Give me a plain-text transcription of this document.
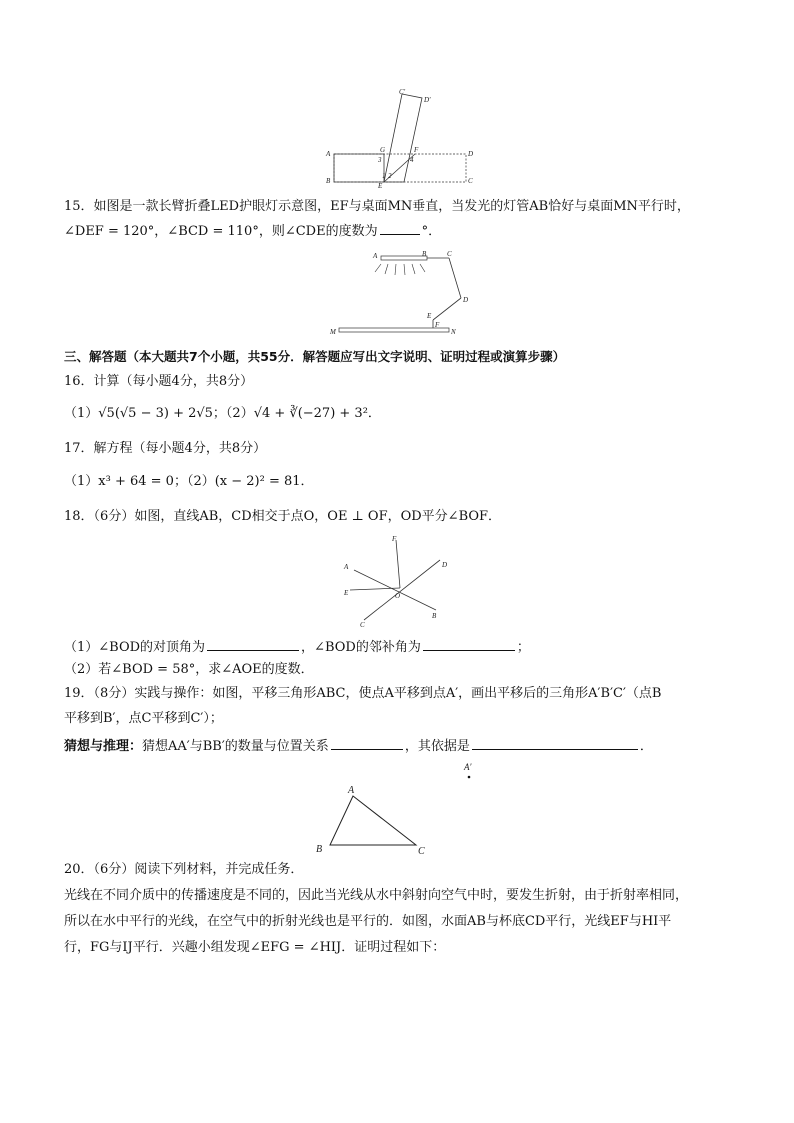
C'
D'
A
B
G	F	D
C
E
3	4
1 2
15．如图是一款长臂折叠LED护眼灯示意图，EF与桌面MN垂直，当发光的灯管AB恰好与桌面MN平行时，
∠DEF = 120°，∠BCD = 110°，则∠CDE的度数为	°．
A	B	C
D
E
F
M	N
三、解答题（本大题共7个小题，共55分．解答题应写出文字说明、证明过程或演算步骤）
16．计算（每小题4分，共8分）
（1）√5(√5 − 3) + 2√5；（2）√4 + ∛(−27) + 3²．
17．解方程（每小题4分，共8分）
（1）x³ + 64 = 0；（2）(x − 2)² = 81．
18．（6分）如图，直线AB，CD相交于点O，OE ⊥ OF，OD平分∠BOF．
F
A	D
E	O
C
B
（1）∠BOD的对顶角为	，∠BOD的邻补角为	；
（2）若∠BOD = 58°，求∠AOE的度数．
19．（8分）实践与操作：如图，平移三角形ABC，使点A平移到点A′，画出平移后的三角形A′B′C′（点B
平移到B′，点C平移到C′）；
猜想与推理：猜想AA′与BB′的数量与位置关系	，其依据是	．
A′
A
B	C
20．（6分）阅读下列材料，并完成任务．
光线在不同介质中的传播速度是不同的，因此当光线从水中斜射向空气中时，要发生折射，由于折射率相同，
所以在水中平行的光线，在空气中的折射光线也是平行的．如图，水面AB与杯底CD平行，光线EF与HI平
行，FG与IJ平行．兴趣小组发现∠EFG = ∠HIJ．证明过程如下：
